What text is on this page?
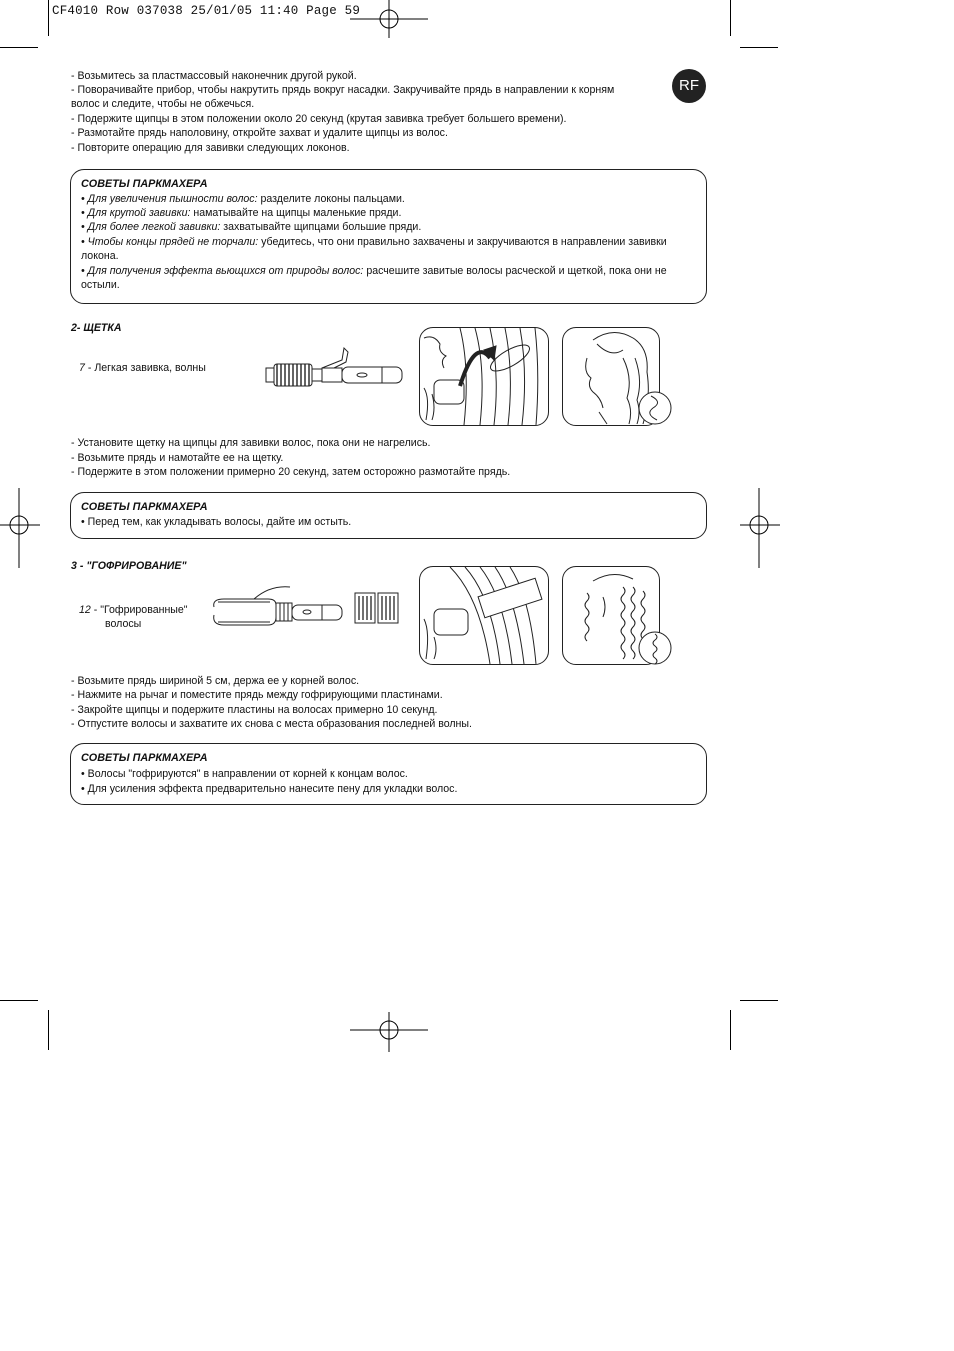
CF4010 Row 037038 25/01/05 11:40 Page 59
RF
- Возьмитесь за пластмассовый наконечник другой рукой.
- Поворачивайте прибор, чтобы накрутить прядь вокруг насадки. Закручивайте прядь в направлении к корням
волос и следите, чтобы не обжечься.
- Подержите щипцы в этом положении около 20 секунд (крутая завивка требует большего времени).
- Размотайте прядь наполовину, откройте захват и удалите щипцы из волос.
- Повторите операцию для завивки следующих локонов.
СОВЕТЫ ПАРКМАХЕРА
• Для увеличения пышности волос: разделите локоны пальцами.
• Для крутой завивки: наматывайте на щипцы маленькие пряди.
• Для более легкой завивки: захватывайте щипцами большие пряди.
• Чтобы концы прядей не торчали: убедитесь, что они правильно захвачены и закручиваются в направлении завивки
локона.
• Для получения эффекта вьющихся от природы волос: расчешите завитые волосы расческой и щеткой, пока они не
остыли.
2- ЩЕТКА
7 - Легкая завивка, волны
- Установите щетку на щипцы для завивки волос, пока они не нагрелись.
- Возьмите прядь и намотайте ее на щетку.
- Подержите в этом положении примерно 20 секунд, затем осторожно размотайте прядь.
СОВЕТЫ ПАРКМАХЕРА
• Перед тем, как укладывать волосы, дайте им остыть.
3 - "ГОФРИРОВАНИЕ"
12 - "Гофрированные"
волосы
- Возьмите прядь шириной 5 см, держа ее у корней волос.
- Нажмите на рычаг и поместите прядь между гофрирующими пластинами.
- Закройте щипцы и подержите пластины на волосах примерно 10 секунд.
- Отпустите волосы и захватите их снова с места образования последней волны.
СОВЕТЫ ПАРКМАХЕРА
• Волосы "гофрируются" в направлении от корней к концам волос.
• Для усиления эффекта предварительно нанесите пену для укладки волос.
